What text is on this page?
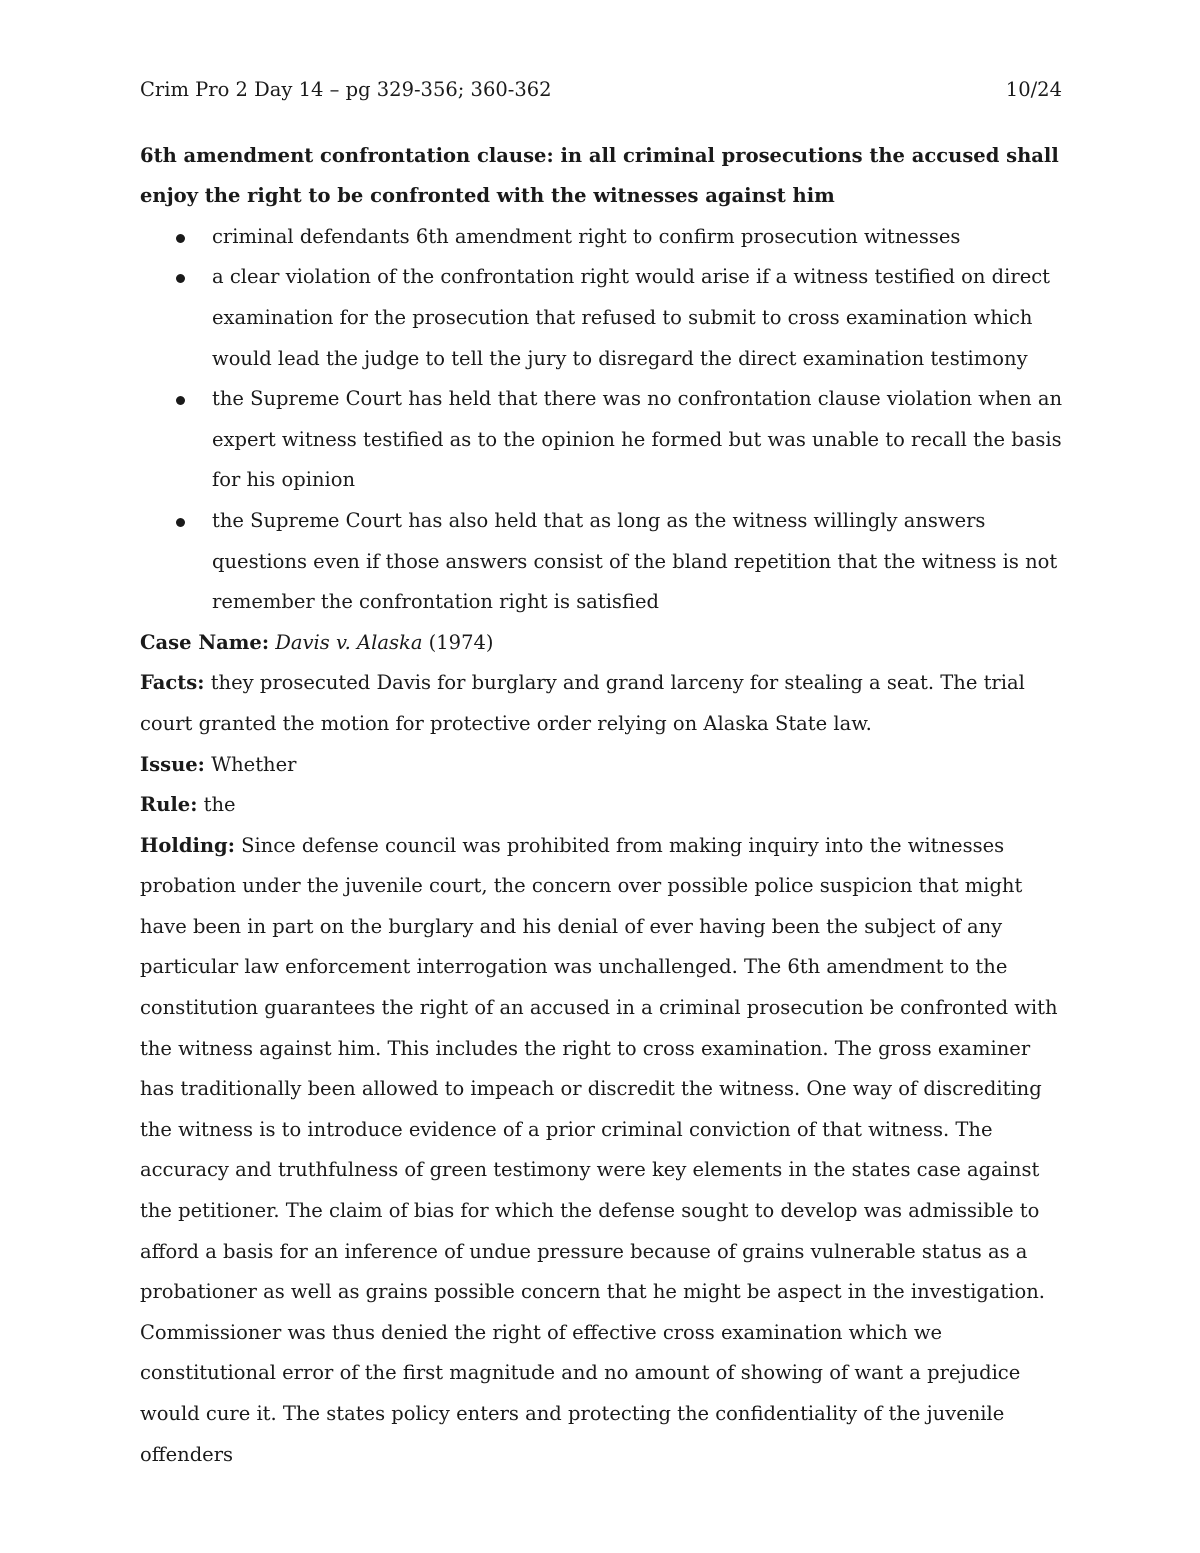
Crim Pro 2 Day 14 – pg 329-356; 360-362	10/24

6th amendment confrontation clause: in all criminal prosecutions the accused shall enjoy the right to be confronted with the witnesses against him

criminal defendants 6th amendment right to confirm prosecution witnesses
a clear violation of the confrontation right would arise if a witness testified on direct examination for the prosecution that refused to submit to cross examination which would lead the judge to tell the jury to disregard the direct examination testimony
the Supreme Court has held that there was no confrontation clause violation when an expert witness testified as to the opinion he formed but was unable to recall the basis for his opinion
the Supreme Court has also held that as long as the witness willingly answers questions even if those answers consist of the bland repetition that the witness is not remember the confrontation right is satisfied

Case Name: Davis v. Alaska (1974)

Facts: they prosecuted Davis for burglary and grand larceny for stealing a seat. The trial court granted the motion for protective order relying on Alaska State law.

Issue: Whether

Rule: the

Holding: Since defense council was prohibited from making inquiry into the witnesses probation under the juvenile court, the concern over possible police suspicion that might have been in part on the burglary and his denial of ever having been the subject of any particular law enforcement interrogation was unchallenged. The 6th amendment to the constitution guarantees the right of an accused in a criminal prosecution be confronted with the witness against him. This includes the right to cross examination. The gross examiner has traditionally been allowed to impeach or discredit the witness. One way of discrediting the witness is to introduce evidence of a prior criminal conviction of that witness. The accuracy and truthfulness of green testimony were key elements in the states case against the petitioner. The claim of bias for which the defense sought to develop was admissible to afford a basis for an inference of undue pressure because of grains vulnerable status as a probationer as well as grains possible concern that he might be aspect in the investigation. Commissioner was thus denied the right of effective cross examination which we constitutional error of the first magnitude and no amount of showing of want a prejudice would cure it. The states policy enters and protecting the confidentiality of the juvenile offenders
